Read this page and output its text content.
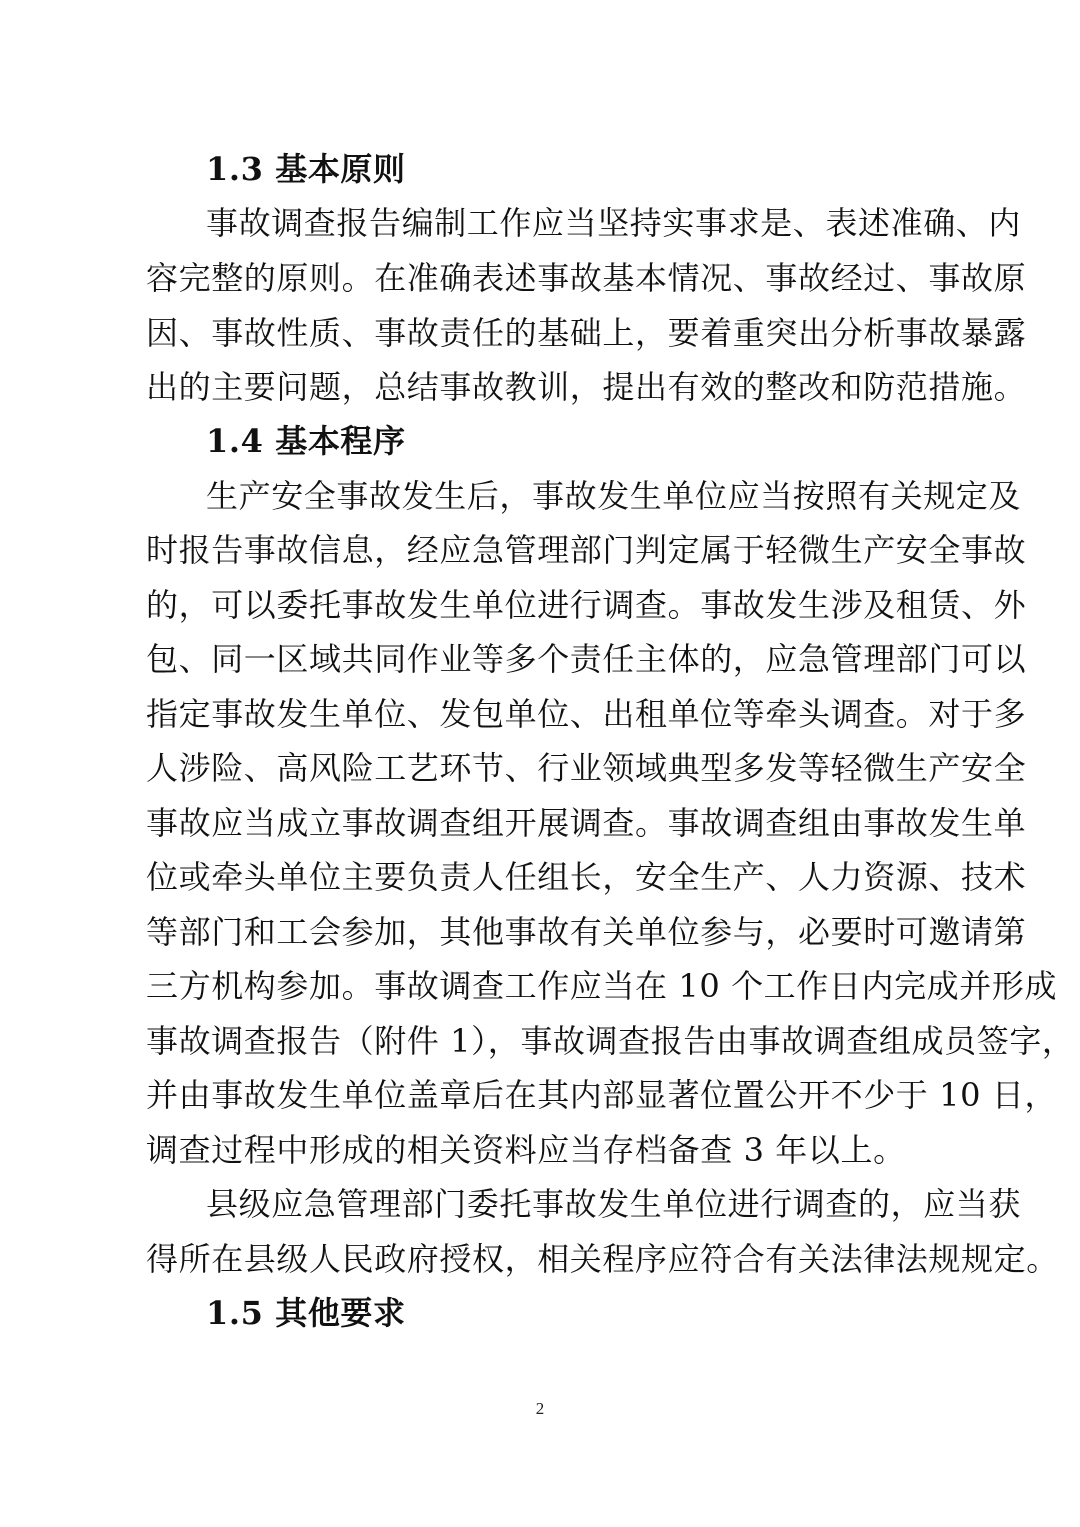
1.3 基本原则
事故调查报告编制工作应当坚持实事求是、表述准确、内
容完整的原则。在准确表述事故基本情况、事故经过、事故原
因、事故性质、事故责任的基础上，要着重突出分析事故暴露
出的主要问题，总结事故教训，提出有效的整改和防范措施。
1.4 基本程序
生产安全事故发生后，事故发生单位应当按照有关规定及
时报告事故信息，经应急管理部门判定属于轻微生产安全事故
的，可以委托事故发生单位进行调查。事故发生涉及租赁、外
包、同一区域共同作业等多个责任主体的，应急管理部门可以
指定事故发生单位、发包单位、出租单位等牵头调查。对于多
人涉险、高风险工艺环节、行业领域典型多发等轻微生产安全
事故应当成立事故调查组开展调查。事故调查组由事故发生单
位或牵头单位主要负责人任组长，安全生产、人力资源、技术
等部门和工会参加，其他事故有关单位参与，必要时可邀请第
三方机构参加。事故调查工作应当在 10 个工作日内完成并形成
事故调查报告（附件 1），事故调查报告由事故调查组成员签字，
并由事故发生单位盖章后在其内部显著位置公开不少于 10 日，
调查过程中形成的相关资料应当存档备查 3 年以上。
县级应急管理部门委托事故发生单位进行调查的，应当获
得所在县级人民政府授权，相关程序应符合有关法律法规规定。
1.5 其他要求
2
